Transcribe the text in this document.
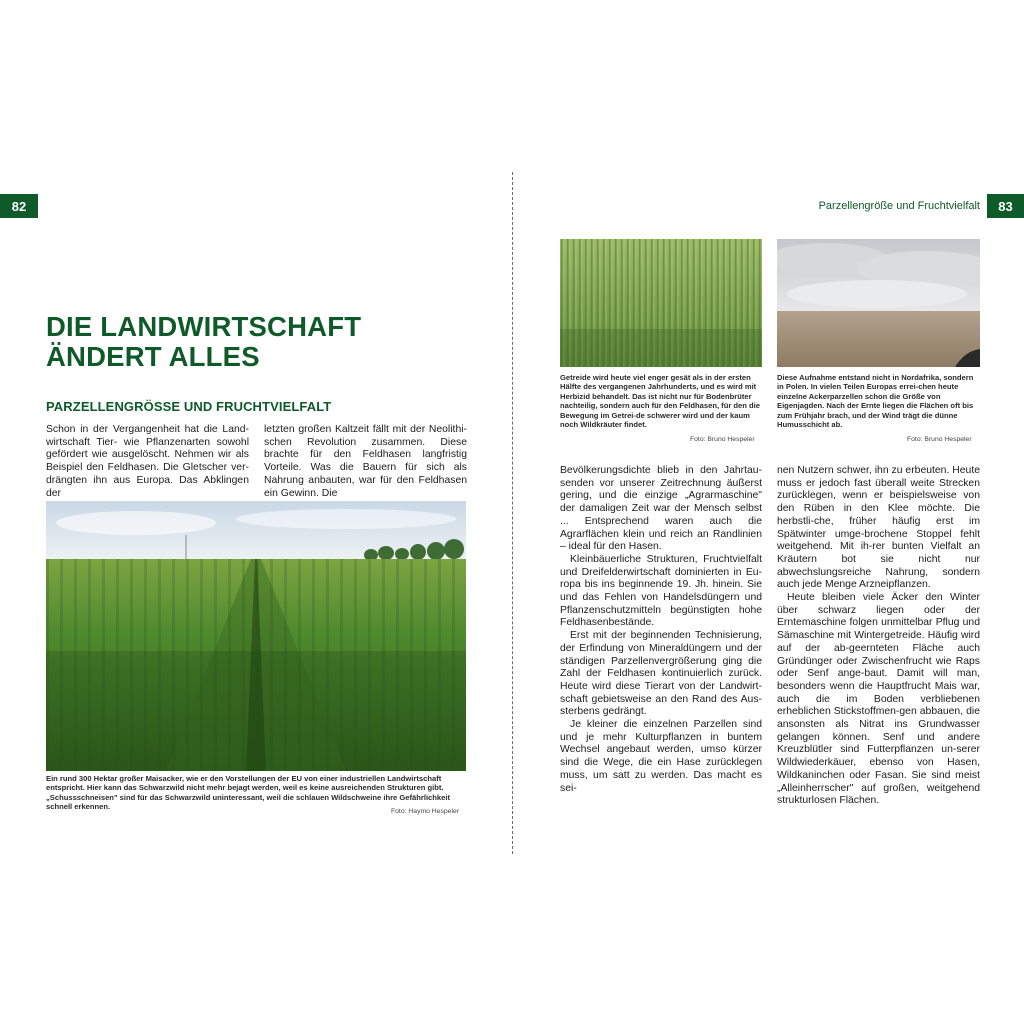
82
DIE LANDWIRTSCHAFT
ÄNDERT ALLES
PARZELLENGRÖSSE UND FRUCHTVIELFALT

Schon in der Vergangenheit hat die Land-wirtschaft Tier- wie Pflanzenarten sowohl gefördert wie ausgelöscht. Nehmen wir als Beispiel den Feldhasen. Die Gletscher ver-drängten ihn aus Europa. Das Abklingen der

letzten großen Kaltzeit fällt mit der Neolithi-schen Revolution zusammen. Diese brachte für den Feldhasen langfristig Vorteile. Was die Bauern für sich als Nahrung anbauten, war für den Feldhasen ein Gewinn. Die

Ein rund 300 Hektar großer Maisacker, wie er den Vorstellungen der EU von einer industriellen Landwirtschaft entspricht. Hier kann das Schwarzwild nicht mehr bejagt werden, weil es keine ausreichenden Strukturen gibt. „Schussschneisen" sind für das Schwarzwild uninteressant, weil die schlauen Wildschweine ihre Gefährlichkeit schnell erkennen.
Foto: Haymo Hespeler
Parzellengröße und Fruchtvielfalt	83
Getreide wird heute viel enger gesät als in der ersten Hälfte des vergangenen Jahrhunderts, und es wird mit Herbizid behandelt. Das ist nicht nur für Bodenbrüter nachteilig, sondern auch für den Feldhasen, für den die Bewegung im Getrei-de schwerer wird und der kaum noch Wildkräuter findet.
Foto: Bruno Hespeler
Diese Aufnahme entstand nicht in Nordafrika, sondern in Polen. In vielen Teilen Europas errei-chen heute einzelne Ackerparzellen schon die Größe von Eigenjagden. Nach der Ernte liegen die Flächen oft bis zum Frühjahr brach, und der Wind trägt die dünne Humusschicht ab.
Foto: Bruno Hespeler

Bevölkerungsdichte blieb in den Jahrtau-senden vor unserer Zeitrechnung äußerst gering, und die einzige „Agrarmaschine" der damaligen Zeit war der Mensch selbst ... Entsprechend waren auch die Agrarflächen klein und reich an Randlinien – ideal für den Hasen.

Kleinbäuerliche Strukturen, Fruchtvielfalt und Dreifelderwirtschaft dominierten in Eu-ropa bis ins beginnende 19. Jh. hinein. Sie und das Fehlen von Handelsdüngern und Pflanzenschutzmitteln begünstigten hohe Feldhasenbestände.

Erst mit der beginnenden Technisierung, der Erfindung von Mineraldüngern und der ständigen Parzellenvergrößerung ging die Zahl der Feldhasen kontinuierlich zurück. Heute wird diese Tierart von der Landwirt-schaft gebietsweise an den Rand des Aus-sterbens gedrängt.

Je kleiner die einzelnen Parzellen sind und je mehr Kulturpflanzen in buntem Wechsel angebaut werden, umso kürzer sind die Wege, die ein Hase zurücklegen muss, um satt zu werden. Das macht es sei-

nen Nutzern schwer, ihn zu erbeuten. Heute muss er jedoch fast überall weite Strecken zurücklegen, wenn er beispielsweise von den Rüben in den Klee möchte. Die herbstli-che, früher häufig erst im Spätwinter umge-brochene Stoppel fehlt weitgehend. Mit ih-rer bunten Vielfalt an Kräutern bot sie nicht nur abwechslungsreiche Nahrung, sondern auch jede Menge Arzneipflanzen.

Heute bleiben viele Äcker den Winter über schwarz liegen oder der Erntemaschine folgen unmittelbar Pflug und Sämaschine mit Wintergetreide. Häufig wird auf der ab-geernteten Fläche auch Gründünger oder Zwischenfrucht wie Raps oder Senf ange-baut. Damit will man, besonders wenn die Hauptfrucht Mais war, auch die im Boden verbliebenen erheblichen Stickstoffmen-gen abbauen, die ansonsten als Nitrat ins Grundwasser gelangen können. Senf und andere Kreuzblütler sind Futterpflanzen un-serer Wildwiederkäuer, ebenso von Hasen, Wildkaninchen oder Fasan. Sie sind meist „Alleinherrscher" auf großen, weitgehend strukturlosen Flächen.
